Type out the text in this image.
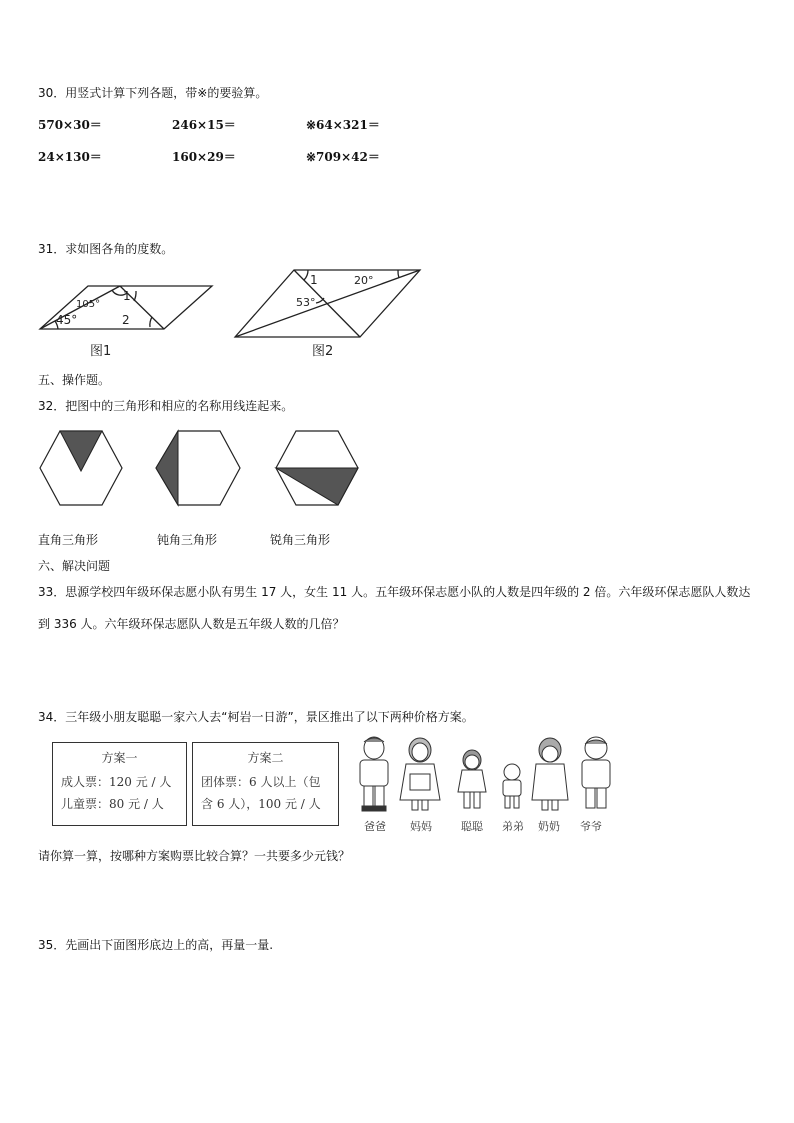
30．用竖式计算下列各题，带※的要验算。
570×30＝	246×15＝	※64×321＝
24×130＝	160×29＝	※709×42＝
31．求如图各角的度数。
105°
1
45°	2
图1
1	20°
53°
图2
五、操作题。
32．把图中的三角形和相应的名称用线连起来。
直角三角形	钝角三角形	锐角三角形
六、解决问题
33．思源学校四年级环保志愿小队有男生 17 人，女生 11 人。五年级环保志愿小队的人数是四年级的 2 倍。六年级环保志愿队人数达到 336 人。六年级环保志愿队人数是五年级人数的几倍？
34．三年级小朋友聪聪一家六人去“柯岩一日游”，景区推出了以下两种价格方案。
方案一
成人票：120 元 / 人
儿童票：80 元 / 人
方案二
团体票：6 人以上（包
含 6 人），100 元 / 人
爸爸 妈妈	聪聪 弟弟 奶奶 爷爷
请你算一算，按哪种方案购票比较合算？一共要多少元钱？
35．先画出下面图形底边上的高，再量一量.
